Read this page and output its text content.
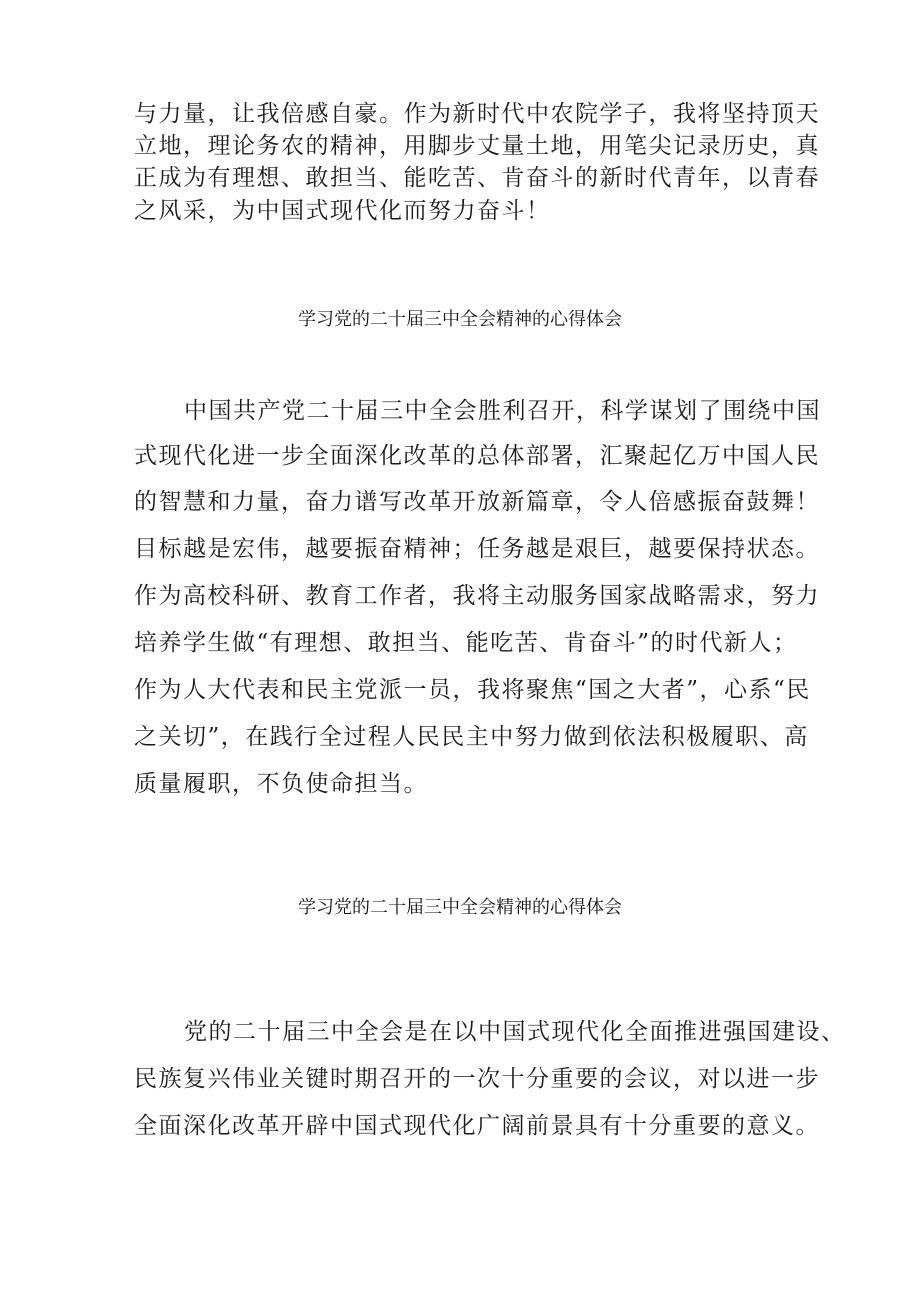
与力量，让我倍感自豪。作为新时代中农院学子，我将坚持顶天
立地，理论务农的精神，用脚步丈量土地，用笔尖记录历史，真
正成为有理想、敢担当、能吃苦、肯奋斗的新时代青年，以青春
之风采，为中国式现代化而努力奋斗！
学习党的二十届三中全会精神的心得体会
中国共产党二十届三中全会胜利召开，科学谋划了围绕中国
式现代化进一步全面深化改革的总体部署，汇聚起亿万中国人民
的智慧和力量，奋力谱写改革开放新篇章，令人倍感振奋鼓舞！
目标越是宏伟，越要振奋精神；任务越是艰巨，越要保持状态。
作为高校科研、教育工作者，我将主动服务国家战略需求，努力
培养学生做“有理想、敢担当、能吃苦、肯奋斗”的时代新人；
作为人大代表和民主党派一员，我将聚焦“国之大者”，心系“民
之关切”，在践行全过程人民民主中努力做到依法积极履职、高
质量履职，不负使命担当。
学习党的二十届三中全会精神的心得体会
党的二十届三中全会是在以中国式现代化全面推进强国建设、
民族复兴伟业关键时期召开的一次十分重要的会议，对以进一步
全面深化改革开辟中国式现代化广阔前景具有十分重要的意义。
